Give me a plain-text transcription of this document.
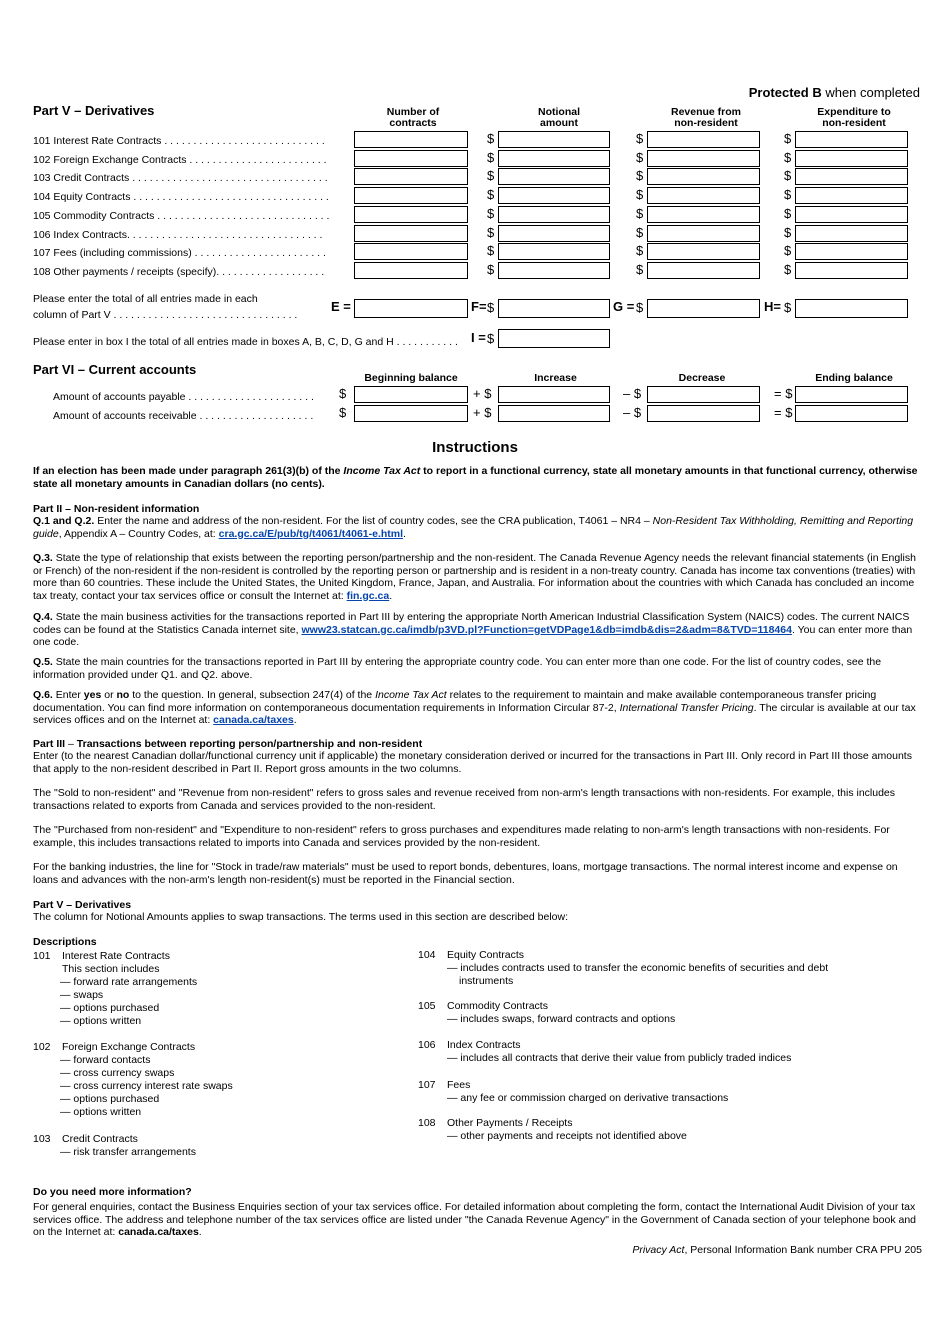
Protected B when completed
Part V – Derivatives	Number of
contracts
Notional
amount
Revenue from
non-resident
Expenditure to
non-resident
101 Interest Rate Contracts . . . . . . . . . . . . . . . . . . . . . . . . . . . .	$	$	$
102 Foreign Exchange Contracts . . . . . . . . . . . . . . . . . . . . . . . .	$	$	$
103 Credit Contracts . . . . . . . . . . . . . . . . . . . . . . . . . . . . . . . . . .	$	$	$
104 Equity Contracts . . . . . . . . . . . . . . . . . . . . . . . . . . . . . . . . . .	$	$	$
105 Commodity Contracts . . . . . . . . . . . . . . . . . . . . . . . . . . . . . .	$	$	$
106 Index Contracts. . . . . . . . . . . . . . . . . . . . . . . . . . . . . . . . . .	$	$	$
107 Fees (including commissions) . . . . . . . . . . . . . . . . . . . . . . .	$	$	$
108 Other payments / receipts (specify). . . . . . . . . . . . . . . . . . .	$	$	$
Please enter the total of all entries made in each
column of Part V . . . . . . . . . . . . . . . . . . . . . . . . . . . . . . . .
E =	F= $	G = $	H= $
Please enter in box I the total of all entries made in boxes A, B, C, D, G and H . . . . . . . . . . . I = $
Part VI – Current accounts
Beginning balance	Increase	Decrease	Ending balance
Amount of accounts payable . . . . . . . . . . . . . . . . . . . . . . $	+ $	– $	= $
Amount of accounts receivable . . . . . . . . . . . . . . . . . . . . $	+ $	– $	= $
Instructions
If an election has been made under paragraph 261(3)(b) of the Income Tax Act to report in a functional currency, state all monetary amounts in that functional currency, otherwise state all monetary amounts in Canadian dollars (no cents).
Part II – Non-resident information
Q.1 and Q.2. Enter the name and address of the non-resident. For the list of country codes, see the CRA publication, T4061 – NR4 – Non-Resident Tax Withholding, Remitting and Reporting guide, Appendix A – Country Codes, at: cra.gc.ca/E/pub/tg/t4061/t4061-e.html.
Q.3. State the type of relationship that exists between the reporting person/partnership and the non-resident. The Canada Revenue Agency needs the relevant financial statements (in English or French) of the non-resident if the non-resident is controlled by the reporting person or partnership and is resident in a non-treaty country. Canada has income tax conventions (treaties) with more than 60 countries. These include the United States, the United Kingdom, France, Japan, and Australia. For information about the countries with which Canada has concluded an income tax treaty, contact your tax services office or consult the Internet at: fin.gc.ca.
Q.4. State the main business activities for the transactions reported in Part III by entering the appropriate North American Industrial Classification System (NAICS) codes. The current NAICS codes can be found at the Statistics Canada internet site, www23.statcan.gc.ca/imdb/p3VD.pl?Function=getVDPage1&db=imdb&dis=2&adm=8&TVD=118464. You can enter more than one code.
Q.5. State the main countries for the transactions reported in Part III by entering the appropriate country code. You can enter more than one code. For the list of country codes, see the information provided under Q1. and Q2. above.
Q.6. Enter yes or no to the question. In general, subsection 247(4) of the Income Tax Act relates to the requirement to maintain and make available contemporaneous transfer pricing documentation. You can find more information on contemporaneous documentation requirements in Information Circular 87-2, International Transfer Pricing. The circular is available at our tax services offices and on the Internet at: canada.ca/taxes.
Part III – Transactions between reporting person/partnership and non-resident
Enter (to the nearest Canadian dollar/functional currency unit if applicable) the monetary consideration derived or incurred for the transactions in Part III. Only record in Part III those amounts that apply to the non-resident described in Part II. Report gross amounts in the two columns.
The "Sold to non-resident" and "Revenue from non-resident" refers to gross sales and revenue received from non-arm's length transactions with non-residents. For example, this includes transactions related to exports from Canada and services provided to the non-resident.
The "Purchased from non-resident" and "Expenditure to non-resident" refers to gross purchases and expenditures made relating to non-arm's length transactions with non-residents. For example, this includes transactions related to imports into Canada and services provided by the non-resident.
For the banking industries, the line for "Stock in trade/raw materials" must be used to report bonds, debentures, loans, mortgage transactions. The normal interest income and expense on loans and advances with the non-arm's length non-resident(s) must be reported in the Financial section.
Part V – Derivatives
The column for Notional Amounts applies to swap transactions. The terms used in this section are described below:
Descriptions
101 Interest Rate Contracts
This section includes
— forward rate arrangements
— swaps
— options purchased
— options written
102 Foreign Exchange Contracts
— forward contacts
— cross currency swaps
— cross currency interest rate swaps
— options purchased
— options written
103 Credit Contracts
— risk transfer arrangements
104 Equity Contracts
— includes contracts used to transfer the economic benefits of securities and debt
instruments
105 Commodity Contracts
— includes swaps, forward contracts and options
106 Index Contracts
— includes all contracts that derive their value from publicly traded indices
107 Fees
— any fee or commission charged on derivative transactions
108 Other Payments / Receipts
— other payments and receipts not identified above
Do you need more information?
For general enquiries, contact the Business Enquiries section of your tax services office. For detailed information about completing the form, contact the International Audit Division of your tax services office. The address and telephone number of the tax services office are listed under "the Canada Revenue Agency" in the Government of Canada section of your telephone book and on the Internet at: canada.ca/taxes.
Privacy Act, Personal Information Bank number CRA PPU 205
